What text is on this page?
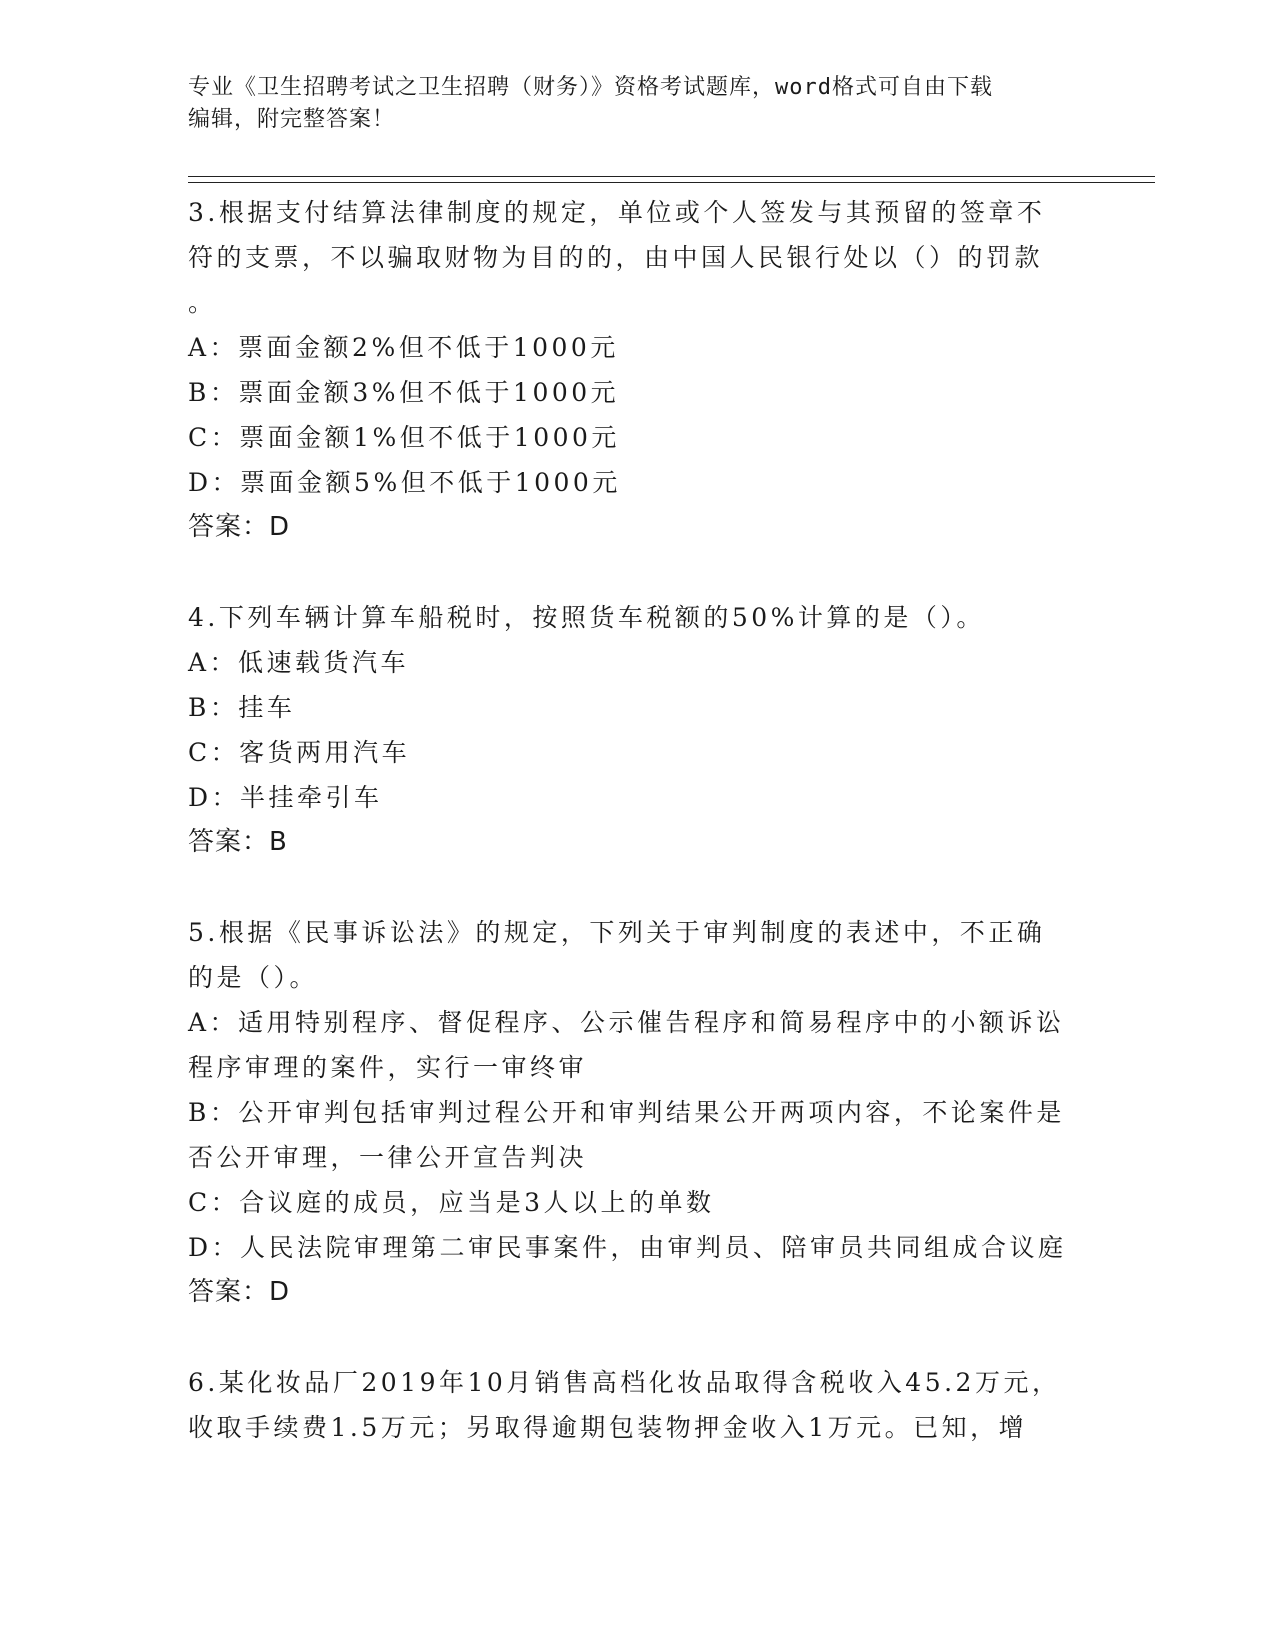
专业《卫生招聘考试之卫生招聘（财务）》资格考试题库，word格式可自由下载
编辑，附完整答案！
3.根据支付结算法律制度的规定，单位或个人签发与其预留的签章不
符的支票，不以骗取财物为目的的，由中国人民银行处以（）的罚款
。
A：票面金额2%但不低于1000元
B：票面金额3%但不低于1000元
C：票面金额1%但不低于1000元
D：票面金额5%但不低于1000元
答案：D
4.下列车辆计算车船税时，按照货车税额的50%计算的是（）。
A：低速载货汽车
B：挂车
C：客货两用汽车
D：半挂牵引车
答案：B
5.根据《民事诉讼法》的规定，下列关于审判制度的表述中，不正确
的是（）。
A：适用特别程序、督促程序、公示催告程序和简易程序中的小额诉讼
程序审理的案件，实行一审终审
B：公开审判包括审判过程公开和审判结果公开两项内容，不论案件是
否公开审理，一律公开宣告判决
C：合议庭的成员，应当是3人以上的单数
D：人民法院审理第二审民事案件，由审判员、陪审员共同组成合议庭
答案：D
6.某化妆品厂2019年10月销售高档化妆品取得含税收入45.2万元，
收取手续费1.5万元；另取得逾期包装物押金收入1万元。已知，增
